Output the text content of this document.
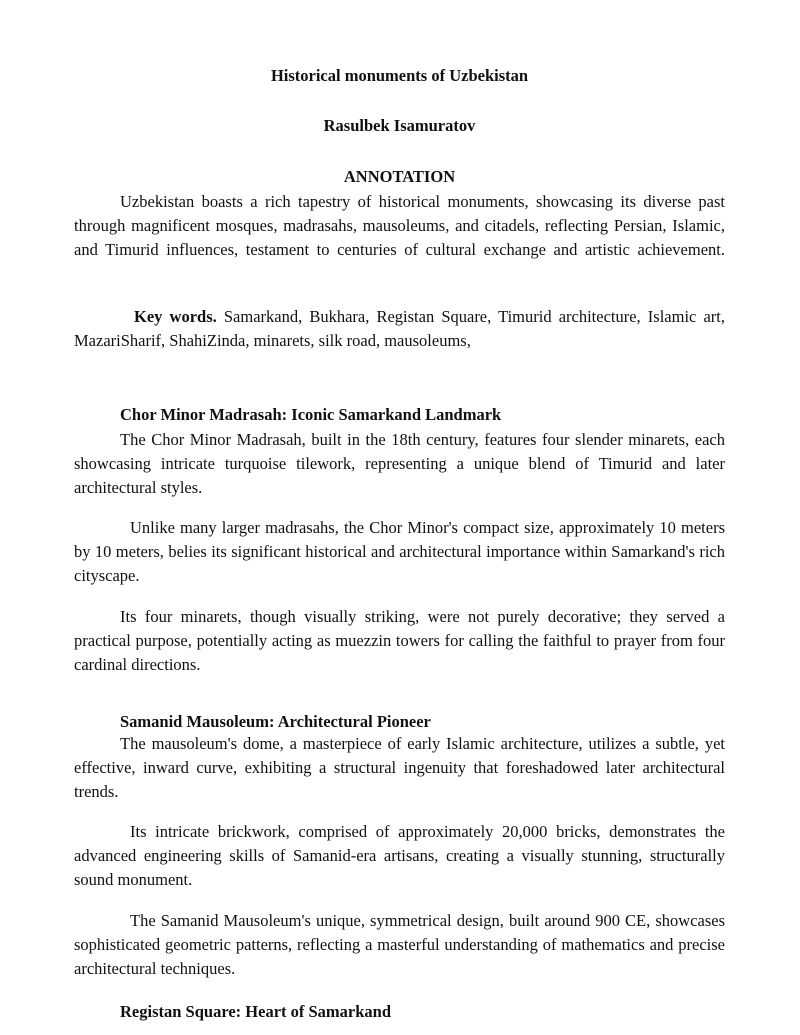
Historical monuments of Uzbekistan
Rasulbek Isamuratov
ANNOTATION

Uzbekistan boasts a rich tapestry of historical monuments, showcasing its diverse past through magnificent mosques, madrasahs, mausoleums, and citadels, reflecting Persian, Islamic, and Timurid influences, testament to centuries of cultural exchange and artistic achievement.

Key words. Samarkand, Bukhara, Registan Square, Timurid architecture, Islamic art, MazariSharif, ShahiZinda, minarets, silk road, mausoleums,

Chor Minor Madrasah: Iconic Samarkand Landmark

The Chor Minor Madrasah, built in the 18th century, features four slender minarets, each showcasing intricate turquoise tilework, representing a unique blend of Timurid and later architectural styles.

Unlike many larger madrasahs, the Chor Minor's compact size, approximately 10 meters by 10 meters, belies its significant historical and architectural importance within Samarkand's rich cityscape.

Its four minarets, though visually striking, were not purely decorative; they served a practical purpose, potentially acting as muezzin towers for calling the faithful to prayer from four cardinal directions.

Samanid Mausoleum: Architectural Pioneer

The mausoleum's dome, a masterpiece of early Islamic architecture, utilizes a subtle, yet effective, inward curve, exhibiting a structural ingenuity that foreshadowed later architectural trends.

Its intricate brickwork, comprised of approximately 20,000 bricks, demonstrates the advanced engineering skills of Samanid-era artisans, creating a visually stunning, structurally sound monument.

The Samanid Mausoleum's unique, symmetrical design, built around 900 CE, showcases sophisticated geometric patterns, reflecting a masterful understanding of mathematics and precise architectural techniques.

Registan Square: Heart of Samarkand
